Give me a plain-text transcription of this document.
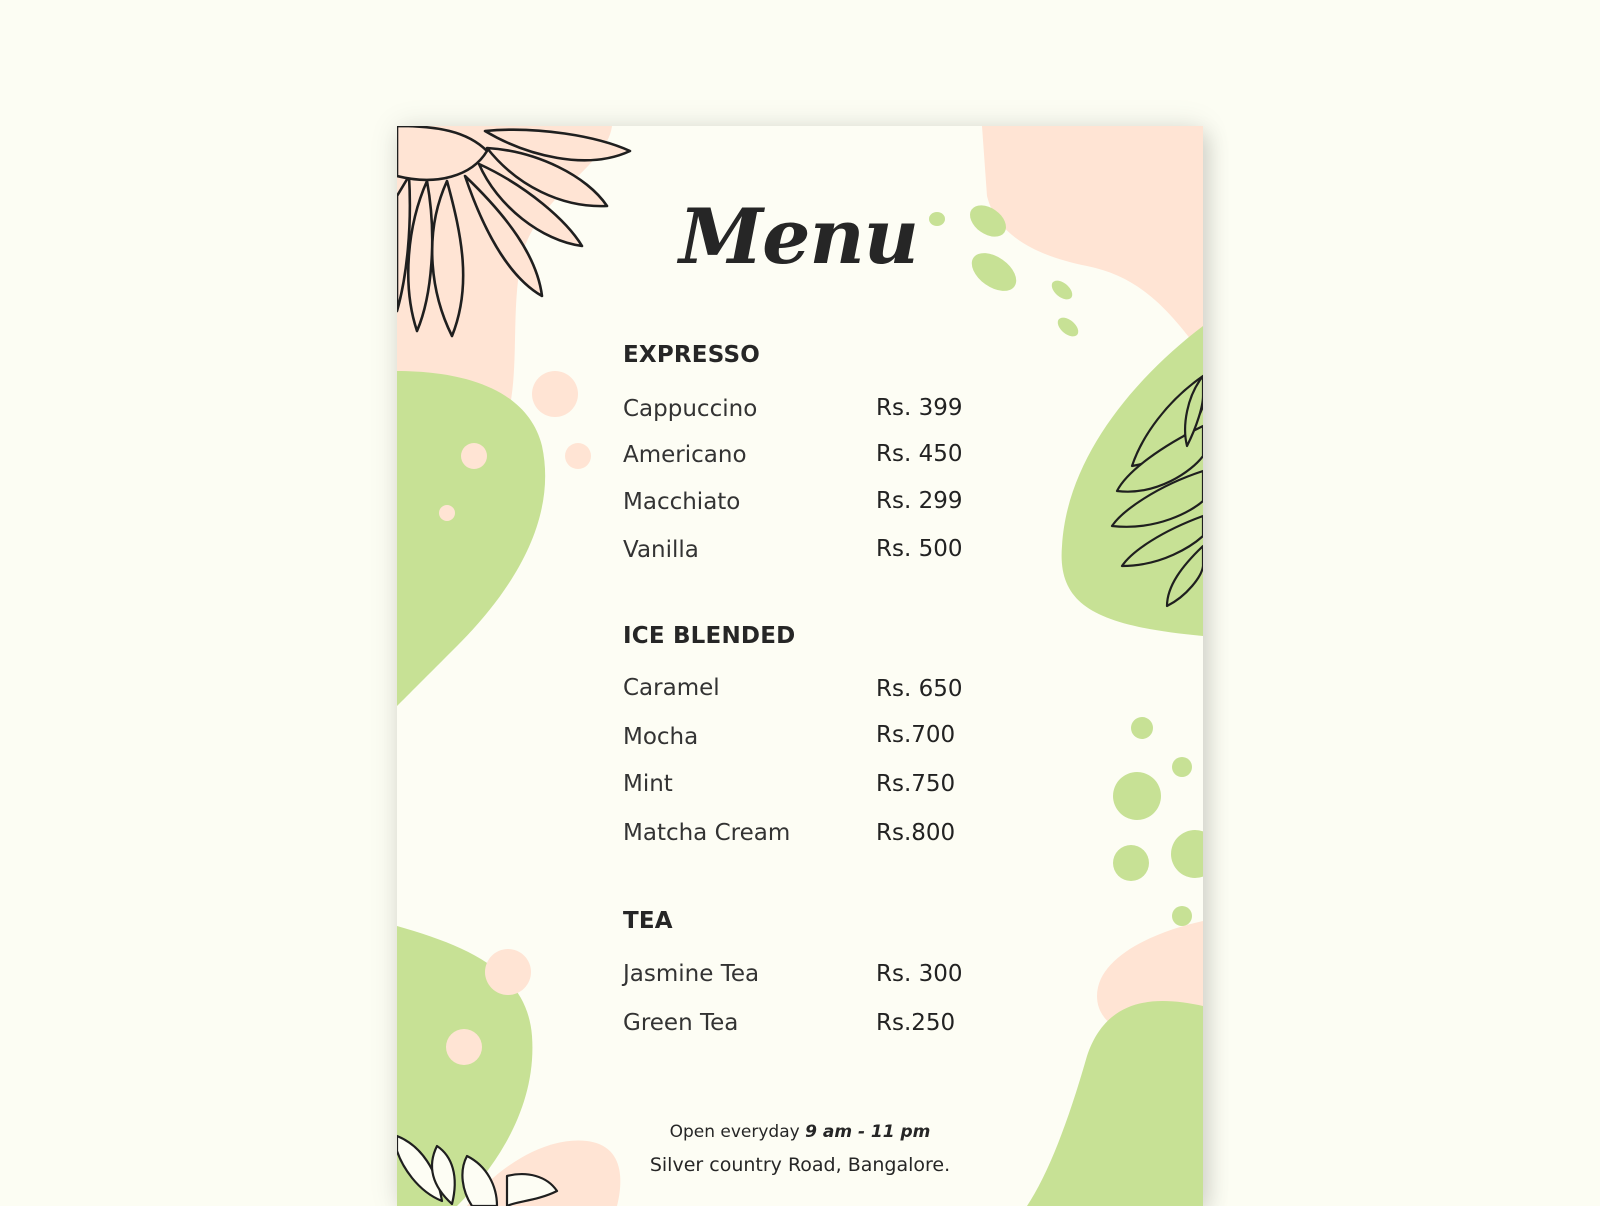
Menu
EXPRESSO
Cappuccino	Rs. 399
Americano	Rs. 450
Macchiato	Rs. 299
Vanilla	Rs. 500
ICE BLENDED
Caramel	Rs. 650
Mocha	Rs.700
Mint	Rs.750
Matcha Cream	Rs.800
TEA
Jasmine Tea	Rs. 300
Green Tea	Rs.250
Open everyday 9 am - 11 pm
Silver country Road, Bangalore.
